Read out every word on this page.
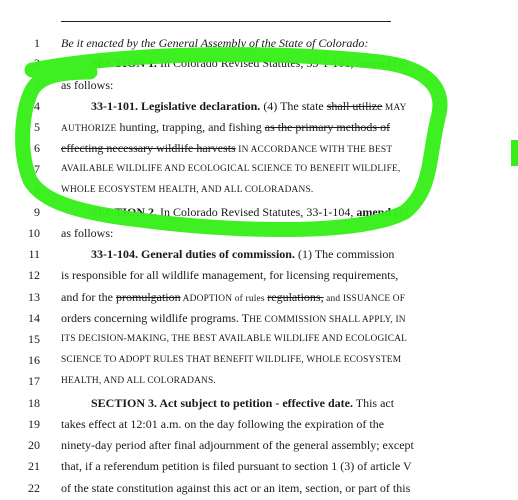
1
2
3
4
5
6
7
8
9
10
11
12
13
14
15
16
17
18
19
20
21
22
Be it enacted by the General Assembly of the State of Colorado:
SECTION 1. In Colorado Revised Statutes, 33-1-101, amend (4)
as follows:
33-1-101. Legislative declaration. (4) The state shall utilize MAY
AUTHORIZE hunting, trapping, and fishing as the primary methods of
effecting necessary wildlife harvests IN ACCORDANCE WITH THE BEST
AVAILABLE WILDLIFE AND ECOLOGICAL SCIENCE TO BENEFIT WILDLIFE,
WHOLE ECOSYSTEM HEALTH, AND ALL COLORADANS.
SECTION 2. In Colorado Revised Statutes, 33-1-104, amend (1)
as follows:
33-1-104. General duties of commission. (1) The commission
is responsible for all wildlife management, for licensing requirements,
and for the promulgation ADOPTION of rules regulations, and ISSUANCE OF
orders concerning wildlife programs. THE COMMISSION SHALL APPLY, IN
ITS DECISION-MAKING, THE BEST AVAILABLE WILDLIFE AND ECOLOGICAL
SCIENCE TO ADOPT RULES THAT BENEFIT WILDLIFE, WHOLE ECOSYSTEM
HEALTH, AND ALL COLORADANS.
SECTION 3. Act subject to petition - effective date. This act
takes effect at 12:01 a.m. on the day following the expiration of the
ninety-day period after final adjournment of the general assembly; except
that, if a referendum petition is filed pursuant to section 1 (3) of article V
of the state constitution against this act or an item, section, or part of this
